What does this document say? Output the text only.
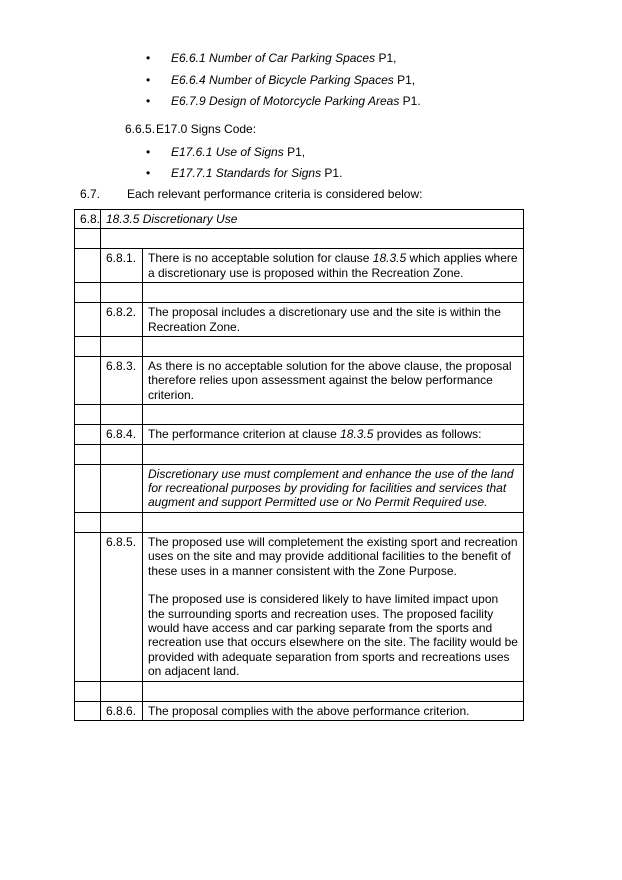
• E6.6.1 Number of Car Parking Spaces P1,
• E6.6.4 Number of Bicycle Parking Spaces P1,
• E6.7.9 Design of Motorcycle Parking Areas P1.
6.6.5. E17.0 Signs Code:
• E17.6.1 Use of Signs P1,
• E17.7.1 Standards for Signs P1.
6.7. Each relevant performance criteria is considered below:
6.8.	18.3.5 Discretionary Use	

	6.8.1.	There is no acceptable solution for clause 18.3.5 which applies where a discretionary use is proposed within the Recreation Zone.

	6.8.2.	The proposal includes a discretionary use and the site is within the Recreation Zone.

	6.8.3.	As there is no acceptable solution for the above clause, the proposal therefore relies upon assessment against the below performance criterion.

	6.8.4.	The performance criterion at clause 18.3.5 provides as follows:

		Discretionary use must complement and enhance the use of the land for recreational purposes by providing for facilities and services that augment and support Permitted use or No Permit Required use.

	6.8.5.	The proposed use will completement the existing sport and recreation uses on the site and may provide additional facilities to the benefit of these uses in a manner consistent with the Zone Purpose.
The proposed use is considered likely to have limited impact upon the surrounding sports and recreation uses. The proposed facility would have access and car parking separate from the sports and recreation use that occurs elsewhere on the site. The facility would be provided with adequate separation from sports and recreations uses on adjacent land.

	6.8.6.	The proposal complies with the above performance criterion.
